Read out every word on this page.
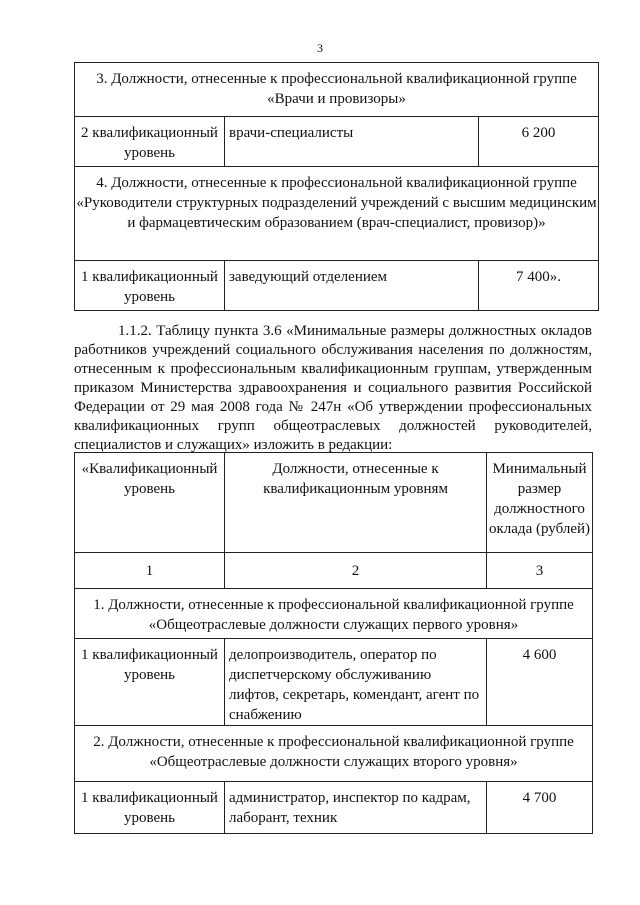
3
3. Должности, отнесенные к профессиональной квалификационной группе «Врачи и провизоры»		
2 квалификационный уровень	врачи-специалисты	6 200
4. Должности, отнесенные к профессиональной квалификационной группе «Руководители структурных подразделений учреждений с высшим медицинским и фармацевтическим образованием (врач-специалист, провизор)»		
1 квалификационный уровень	заведующий отделением	7 400».
1.1.2. Таблицу пункта 3.6 «Минимальные размеры должностных окладов работников учреждений социального обслуживания населения по должностям, отнесенным к профессиональным квалификационным группам, утвержденным приказом Министерства здравоохранения и социального развития Российской Федерации от 29 мая 2008 года № 247н «Об утверждении профессиональных квалификационных групп общеотраслевых должностей руководителей, специалистов и служащих» изложить в редакции:
«Квалификационный уровень	Должности, отнесенные к квалификационным уровням	Минимальный размер должностного оклада (рублей)
1	2	3
1. Должности, отнесенные к профессиональной квалификационной группе «Общеотраслевые должности служащих первого уровня»		
1 квалификационный уровень	делопроизводитель, оператор по диспетчерскому обслуживанию лифтов, секретарь, комендант, агент по снабжению	4 600
2. Должности, отнесенные к профессиональной квалификационной группе «Общеотраслевые должности служащих второго уровня»		
1 квалификационный уровень	администратор, инспектор по кадрам, лаборант, техник	4 700
